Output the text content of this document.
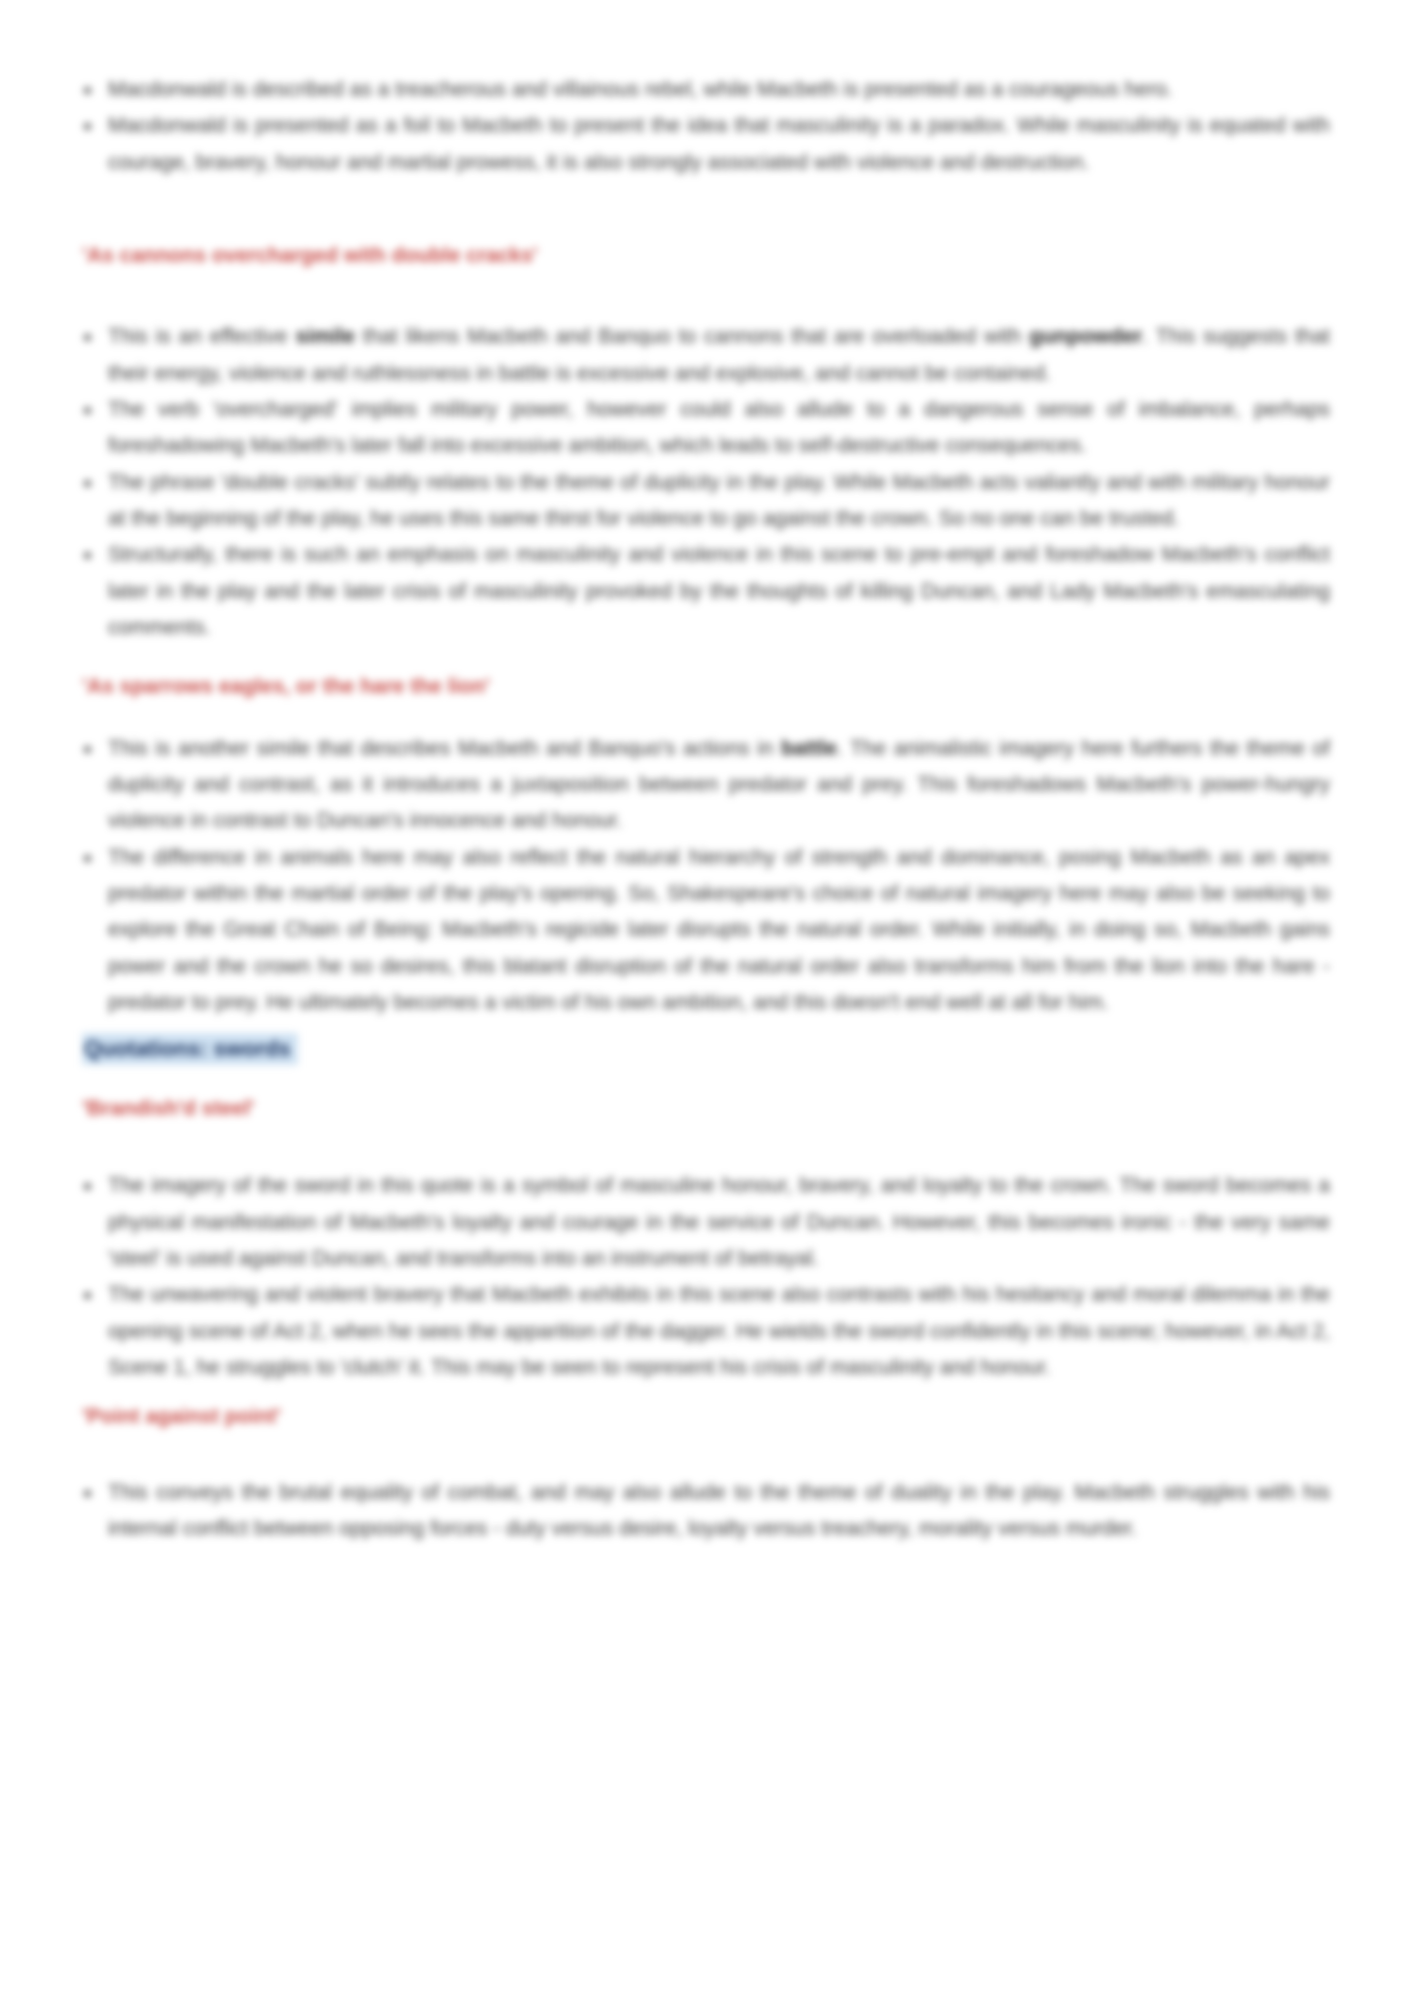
Macdonwald is described as a treacherous and villainous rebel, while Macbeth is presented as a courageous hero.
Macdonwald is presented as a foil to Macbeth to present the idea that masculinity is a paradox. While masculinity is equated with courage, bravery, honour and martial prowess, it is also strongly associated with violence and destruction.
'As cannons overcharged with double cracks'
This is an effective simile that likens Macbeth and Banquo to cannons that are overloaded with gunpowder. This suggests that their energy, violence and ruthlessness in battle is excessive and explosive, and cannot be contained.
The verb 'overcharged' implies military power, however could also allude to a dangerous sense of imbalance, perhaps foreshadowing Macbeth's later fall into excessive ambition, which leads to self-destructive consequences.
The phrase 'double cracks' subtly relates to the theme of duplicity in the play. While Macbeth acts valiantly and with military honour at the beginning of the play, he uses this same thirst for violence to go against the crown. So no one can be trusted.
Structurally, there is such an emphasis on masculinity and violence in this scene to pre-empt and foreshadow Macbeth's conflict later in the play and the later crisis of masculinity provoked by the thoughts of killing Duncan, and Lady Macbeth's emasculating comments.
'As sparrows eagles, or the hare the lion'
This is another simile that describes Macbeth and Banquo's actions in battle. The animalistic imagery here furthers the theme of duplicity and contrast, as it introduces a juxtaposition between predator and prey. This foreshadows Macbeth's power-hungry violence in contrast to Duncan's innocence and honour.
The difference in animals here may also reflect the natural hierarchy of strength and dominance, posing Macbeth as an apex predator within the martial order of the play's opening. So, Shakespeare's choice of natural imagery here may also be seeking to explore the Great Chain of Being: Macbeth's regicide later disrupts the natural order. While initially, in doing so, Macbeth gains power and the crown he so desires, this blatant disruption of the natural order also transforms him from the lion into the hare - predator to prey. He ultimately becomes a victim of his own ambition, and this doesn't end well at all for him.
Quotations: swords
'Brandish'd steel'
The imagery of the sword in this quote is a symbol of masculine honour, bravery, and loyalty to the crown. The sword becomes a physical manifestation of Macbeth's loyalty and courage in the service of Duncan. However, this becomes ironic - the very same 'steel' is used against Duncan, and transforms into an instrument of betrayal.
The unwavering and violent bravery that Macbeth exhibits in this scene also contrasts with his hesitancy and moral dilemma in the opening scene of Act 2, when he sees the apparition of the dagger. He wields the sword confidently in this scene; however, in Act 2, Scene 1, he struggles to 'clutch' it. This may be seen to represent his crisis of masculinity and honour.
'Point against point'
This conveys the brutal equality of combat, and may also allude to the theme of duality in the play. Macbeth struggles with his internal conflict between opposing forces - duty versus desire, loyalty versus treachery, morality versus murder.
